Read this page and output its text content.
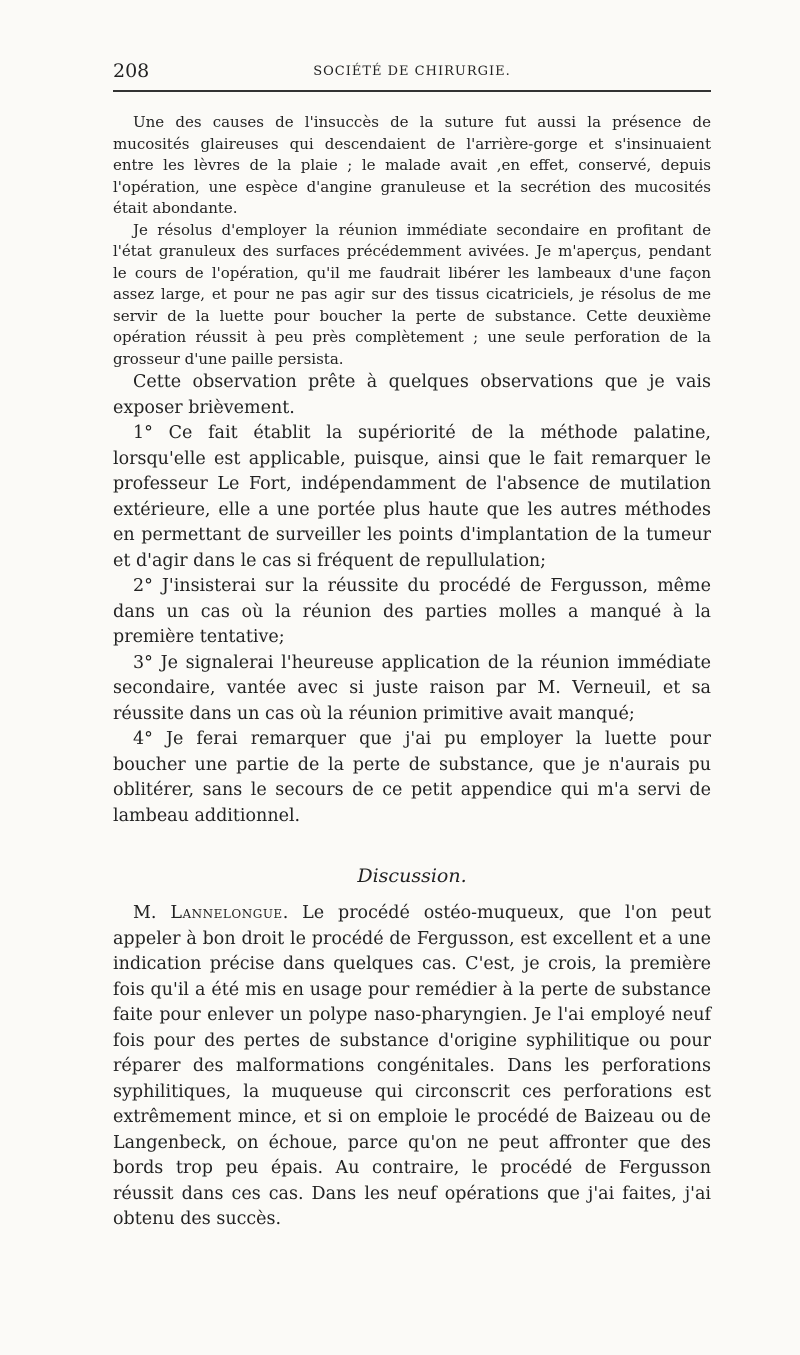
208	SOCIÉTÉ DE CHIRURGIE.

Une des causes de l'insuccès de la suture fut aussi la présence de mucosités glaireuses qui descendaient de l'arrière-gorge et s'insinuaient entre les lèvres de la plaie ; le malade avait ,en effet, conservé, depuis l'opération, une espèce d'angine granuleuse et la secrétion des mucosités était abondante.

Je résolus d'employer la réunion immédiate secondaire en profitant de l'état granuleux des surfaces précédemment avivées. Je m'aperçus, pendant le cours de l'opération, qu'il me faudrait libérer les lambeaux d'une façon assez large, et pour ne pas agir sur des tissus cicatriciels, je résolus de me servir de la luette pour boucher la perte de substance. Cette deuxième opération réussit à peu près complètement ; une seule perforation de la grosseur d'une paille persista.

Cette observation prête à quelques observations que je vais exposer brièvement.

1° Ce fait établit la supériorité de la méthode palatine, lorsqu'elle est applicable, puisque, ainsi que le fait remarquer le professeur Le Fort, indépendamment de l'absence de mutilation extérieure, elle a une portée plus haute que les autres méthodes en permettant de surveiller les points d'implantation de la tumeur et d'agir dans le cas si fréquent de repullulation;

2° J'insisterai sur la réussite du procédé de Fergusson, même dans un cas où la réunion des parties molles a manqué à la première tentative;

3° Je signalerai l'heureuse application de la réunion immédiate secondaire, vantée avec si juste raison par M. Verneuil, et sa réussite dans un cas où la réunion primitive avait manqué;

4° Je ferai remarquer que j'ai pu employer la luette pour boucher une partie de la perte de substance, que je n'aurais pu oblitérer, sans le secours de ce petit appendice qui m'a servi de lambeau additionnel.

Discussion.

M. Lannelongue. Le procédé ostéo-muqueux, que l'on peut appeler à bon droit le procédé de Fergusson, est excellent et a une indication précise dans quelques cas. C'est, je crois, la première fois qu'il a été mis en usage pour remédier à la perte de substance faite pour enlever un polype naso-pharyngien. Je l'ai employé neuf fois pour des pertes de substance d'origine syphilitique ou pour réparer des malformations congénitales. Dans les perforations syphilitiques, la muqueuse qui circonscrit ces perforations est extrêmement mince, et si on emploie le procédé de Baizeau ou de Langenbeck, on échoue, parce qu'on ne peut affronter que des bords trop peu épais. Au contraire, le procédé de Fergusson réussit dans ces cas. Dans les neuf opérations que j'ai faites, j'ai obtenu des succès.
